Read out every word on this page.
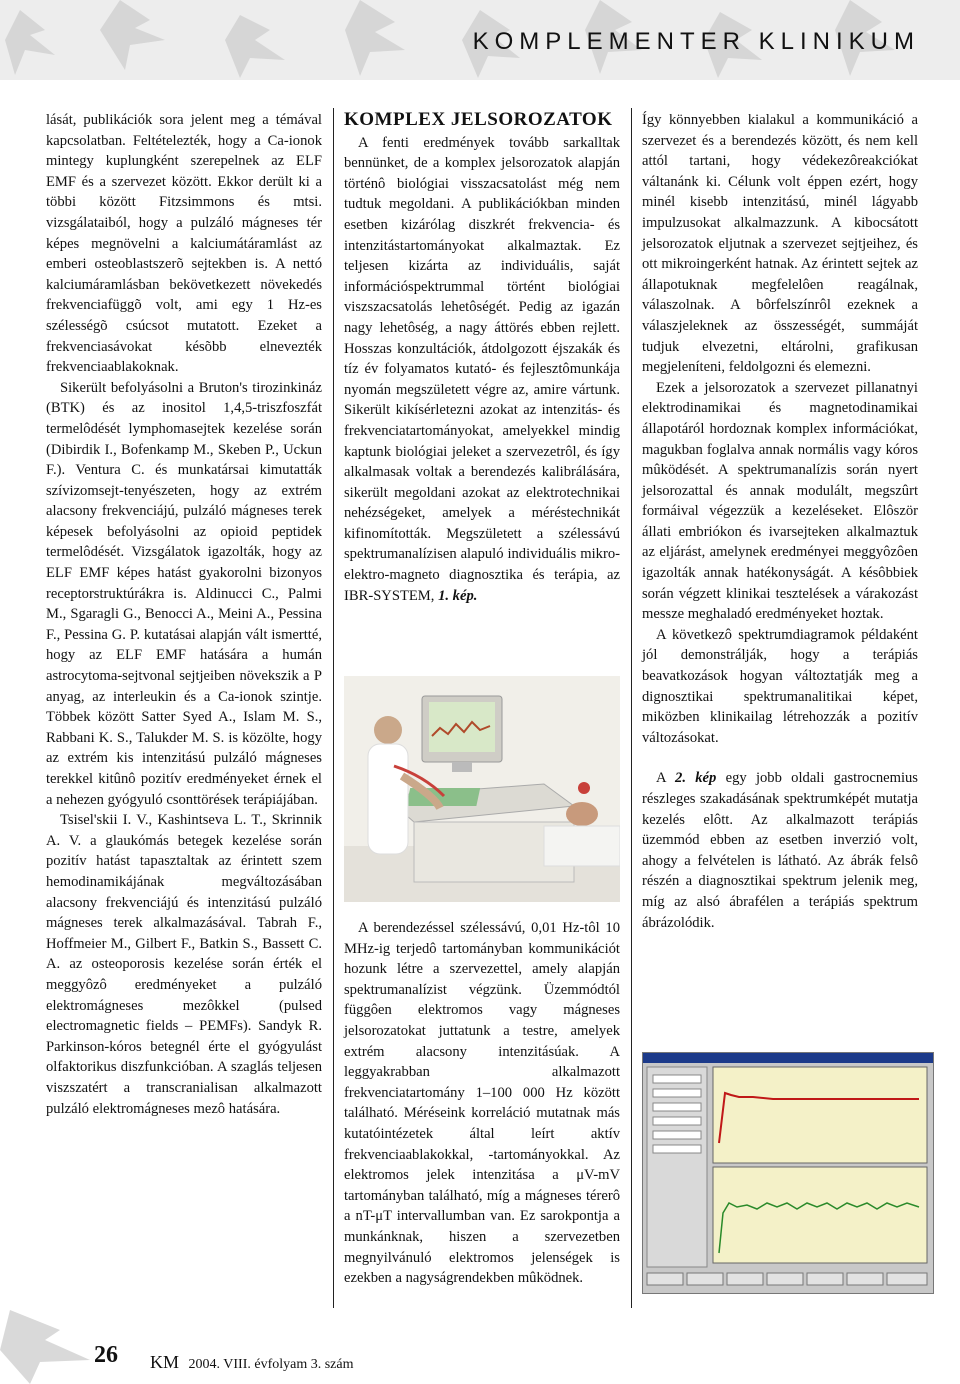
KOMPLEMENTER KLINIKUM

lását, publikációk sora jelent meg a témával kapcsolatban. Feltételezték, hogy a Ca-ionok mintegy kuplungként szerepelnek az ELF EMF és a szervezet között. Ekkor derült ki a többi között Fitzsimmons és mtsi. vizsgálataiból, hogy a pulzáló mágneses tér képes megnövelni a kalciumátáramlást az emberi osteoblastszerõ sejtekben is. A nettó kalciumáramlásban bekövetkezett növekedés frekvenciafüggõ volt, ami egy 1 Hz-es szélességõ csúcsot mutatott. Ezeket a frekvenciasávokat késõbb elnevezték frekvenciaablakoknak.

Sikerült befolyásolni a Bruton's tirozinkináz (BTK) és az inositol 1,4,5-triszfoszfát termelôdését lymphomasejtek kezelése során (Dibirdik I., Bofenkamp M., Skeben P., Uckun F.). Ventura C. és munkatársai kimutatták szívizomsejt-tenyészeten, hogy az extrém alacsony frekvenciájú, pulzáló mágneses terek képesek befolyásolni az opioid peptidek termelôdését. Vizsgálatok igazolták, hogy az ELF EMF képes hatást gyakorolni bizonyos receptorstruktúrákra is. Aldinucci C., Palmi M., Sgaragli G., Benocci A., Meini A., Pessina F., Pessina G. P. kutatásai alapján vált ismertté, hogy az ELF EMF hatására a humán astrocytoma-sejtvonal sejtjeiben növekszik a P anyag, az interleukin és a Ca-ionok szintje. Többek között Satter Syed A., Islam M. S., Rabbani K. S., Talukder M. S. is közölte, hogy az extrém kis intenzitású pulzáló mágneses terekkel kitûnô pozitív eredményeket érnek el a nehezen gyógyuló csonttörések terápiájában.

Tsisel'skii I. V., Kashintseva L. T., Skrinnik A. V. a glaukómás betegek kezelése során pozitív hatást tapasztaltak az érintett szem hemodinamikájának megváltozásában alacsony frekvenciájú és intenzitású pulzáló mágneses terek alkalmazásával. Tabrah F., Hoffmeier M., Gilbert F., Batkin S., Bassett C. A. az osteoporosis kezelése során érték el meggyôzô eredményeket a pulzáló elektromágneses mezôkkel (pulsed electromagnetic fields – PEMFs). Sandyk R. Parkinson-kóros betegnél érte el gyógyulást olfaktorikus diszfunkcióban. A szaglás teljesen viszszatért a transcranialisan alkalmazott pulzáló elektromágneses mezô hatására.

KOMPLEX JELSOROZATOK

A fenti eredmények tovább sarkalltak bennünket, de a komplex jelsorozatok alapján történô biológiai visszacsatolást még nem tudtuk megoldani. A publikációkban minden esetben kizárólag diszkrét frekvencia- és intenzitástartományokat alkalmaztak. Ez teljesen kizárta az individuális, saját információspektrummal történt biológiai viszszacsatolás lehetôségét. Pedig az igazán nagy lehetôség, a nagy áttörés ebben rejlett. Hosszas konzultációk, átdolgozott éjszakák és tíz év folyamatos kutató- és fejlesztômunkája nyomán megszületett végre az, amire vártunk. Sikerült kikísérletezni azokat az intenzitás- és frekvenciatartományokat, amelyekkel mindig kaptunk biológiai jeleket a szervezetrôl, és így alkalmasak voltak a berendezés kalibrálására, sikerült megoldani azokat az elektrotechnikai nehézségeket, amelyek a méréstechnikát kifinomították. Megszületett a szélessávú spektrumanalízisen alapuló individuális mikro-elektro-magneto diagnosztika és terápia, az IBR-SYSTEM, 1. kép.

A berendezéssel szélessávú, 0,01 Hz-tôl 10 MHz-ig terjedô tartományban kommunikációt hozunk létre a szervezettel, amely alapján spektrumanalízist végzünk. Üzemmódtól függôen elektromos vagy mágneses jelsorozatokat juttatunk a testre, amelyek extrém alacsony intenzitásúak. A leggyakrabban alkalmazott frekvenciatartomány 1–100 000 Hz között található. Méréseink korreláció mutatnak más kutatóintézetek által leírt aktív frekvenciaablakokkal, -tartományokkal. Az elektromos jelek intenzitása a μV-mV tartományban található, míg a mágneses térerô a nT-μT intervallumban van. Ez sarokpontja a munkánknak, hiszen a szervezetben megnyilvánuló elektromos jelenségek is ezekben a nagyságrendekben mûködnek.

Így könnyebben kialakul a kommunikáció a szervezet és a berendezés között, és nem kell attól tartani, hogy védekezôreakciókat váltanánk ki. Célunk volt éppen ezért, hogy minél kisebb intenzitású, minél lágyabb impulzusokat alkalmazzunk. A kibocsátott jelsorozatok eljutnak a szervezet sejtjeihez, és ott mikroingerként hatnak. Az érintett sejtek az állapotuknak megfelelôen reagálnak, válaszolnak. A bôrfelszínrôl ezeknek a válaszjeleknek az összességét, summáját tudjuk elvezetni, eltárolni, grafikusan megjeleníteni, feldolgozni és elemezni.

Ezek a jelsorozatok a szervezet pillanatnyi elektrodinamikai és magnetodinamikai állapotáról hordoznak komplex információkat, magukban foglalva annak normális vagy kóros mûködését. A spektrumanalízis során nyert jelsorozattal és annak modulált, megszûrt formáival végezzük a kezeléseket. Elôször állati embriókon és ivarsejteken alkalmaztuk az eljárást, amelynek eredményei meggyôzôen igazolták annak hatékonyságát. A késôbbiek során végzett klinikai tesztelések a várakozást messze meghaladó eredményeket hoztak.

A következô spektrumdiagramok példaként jól demonstrálják, hogy a terápiás beavatkozások hogyan változtatják meg a dignosztikai spektrumanalitikai képet, miközben klinikailag létrehozzák a pozitív változásokat.

A 2. kép egy jobb oldali gastrocnemius részleges szakadásának spektrumképét mutatja kezelés elôtt. Az alkalmazott terápiás üzemmód ebben az esetben inverzió volt, ahogy a felvételen is látható. Az ábrák felsô részén a diagnosztikai spektrum jelenik meg, míg az alsó ábrafélen a terápiás spektrum ábrázolódik.

26 KM 2004. VIII. évfolyam 3. szám
